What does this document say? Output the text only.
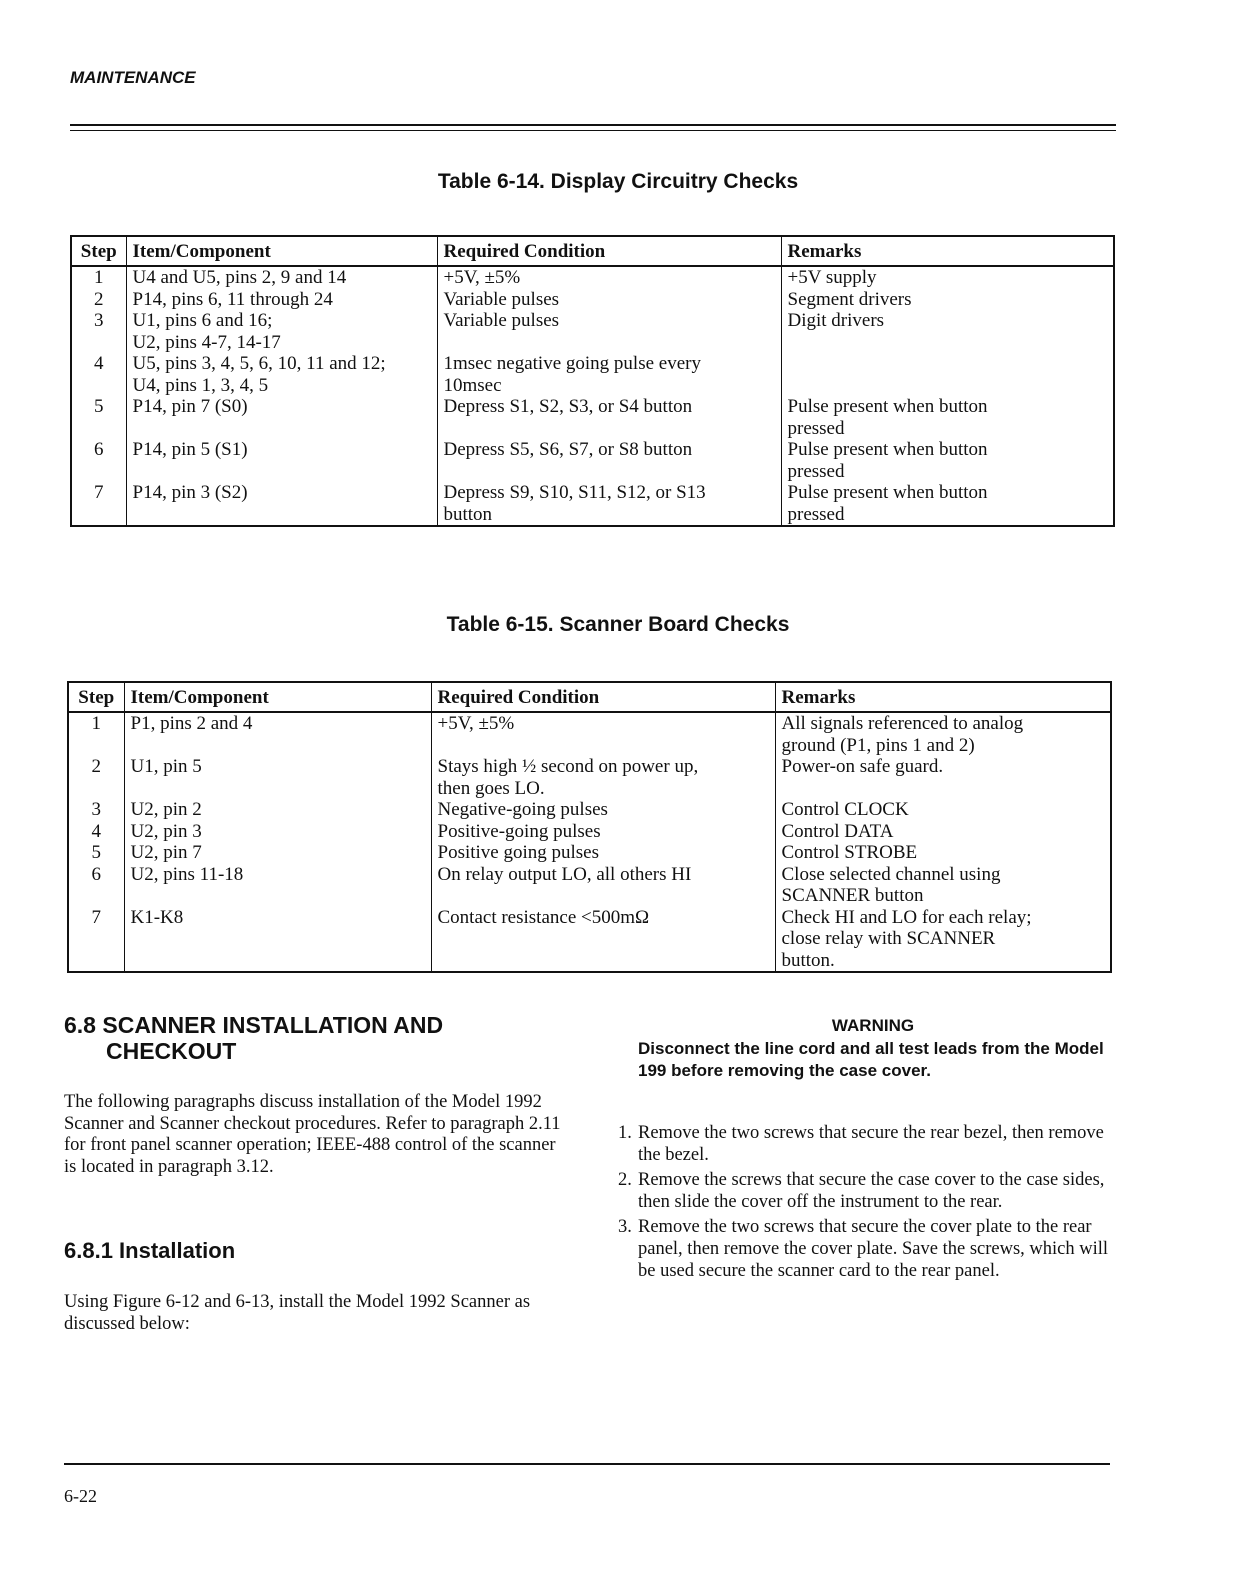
MAINTENANCE
Table 6-14. Display Circuitry Checks
Step	Item/Component	Required Condition	Remarks
1	U4 and U5, pins 2, 9 and 14	+5V, ±5%	+5V supply
2	P14, pins 6, 11 through 24	Variable pulses	Segment drivers
3	U1, pins 6 and 16;
U2, pins 4-7, 14-17	Variable pulses	Digit drivers
4	U5, pins 3, 4, 5, 6, 10, 11 and 12;
U4, pins 1, 3, 4, 5	1msec negative going pulse every
10msec	
5	P14, pin 7 (S0)	Depress S1, S2, S3, or S4 button	Pulse present when button
pressed
6	P14, pin 5 (S1)	Depress S5, S6, S7, or S8 button	Pulse present when button
pressed
7	P14, pin 3 (S2)	Depress S9, S10, S11, S12, or S13
button	Pulse present when button
pressed
Table 6-15. Scanner Board Checks
Step	Item/Component	Required Condition	Remarks
1	P1, pins 2 and 4	+5V, ±5%	All signals referenced to analog
ground (P1, pins 1 and 2)
2	U1, pin 5	Stays high ½ second on power up,
then goes LO.	Power-on safe guard.
3	U2, pin 2	Negative-going pulses	Control CLOCK
4	U2, pin 3	Positive-going pulses	Control DATA
5	U2, pin 7	Positive going pulses	Control STROBE
6	U2, pins 11-18	On relay output LO, all others HI	Close selected channel using
SCANNER button
7	K1-K8	Contact resistance <500mΩ	Check HI and LO for each relay;
close relay with SCANNER
button.
6.8 SCANNER INSTALLATION AND
CHECKOUT

The following paragraphs discuss installation of the Model 1992 Scanner and Scanner checkout procedures. Refer to paragraph 2.11 for front panel scanner operation; IEEE-488 control of the scanner is located in paragraph 3.12.

6.8.1 Installation

Using Figure 6-12 and 6-13, install the Model 1992 Scanner as discussed below:

WARNING
Disconnect the line cord and all test leads from the Model 199 before removing the case cover.
1. Remove the two screws that secure the rear bezel, then remove the bezel.
2. Remove the screws that secure the case cover to the case sides, then slide the cover off the instrument to the rear.
3. Remove the two screws that secure the cover plate to the rear panel, then remove the cover plate. Save the screws, which will be used secure the scanner card to the rear panel.
6-22
